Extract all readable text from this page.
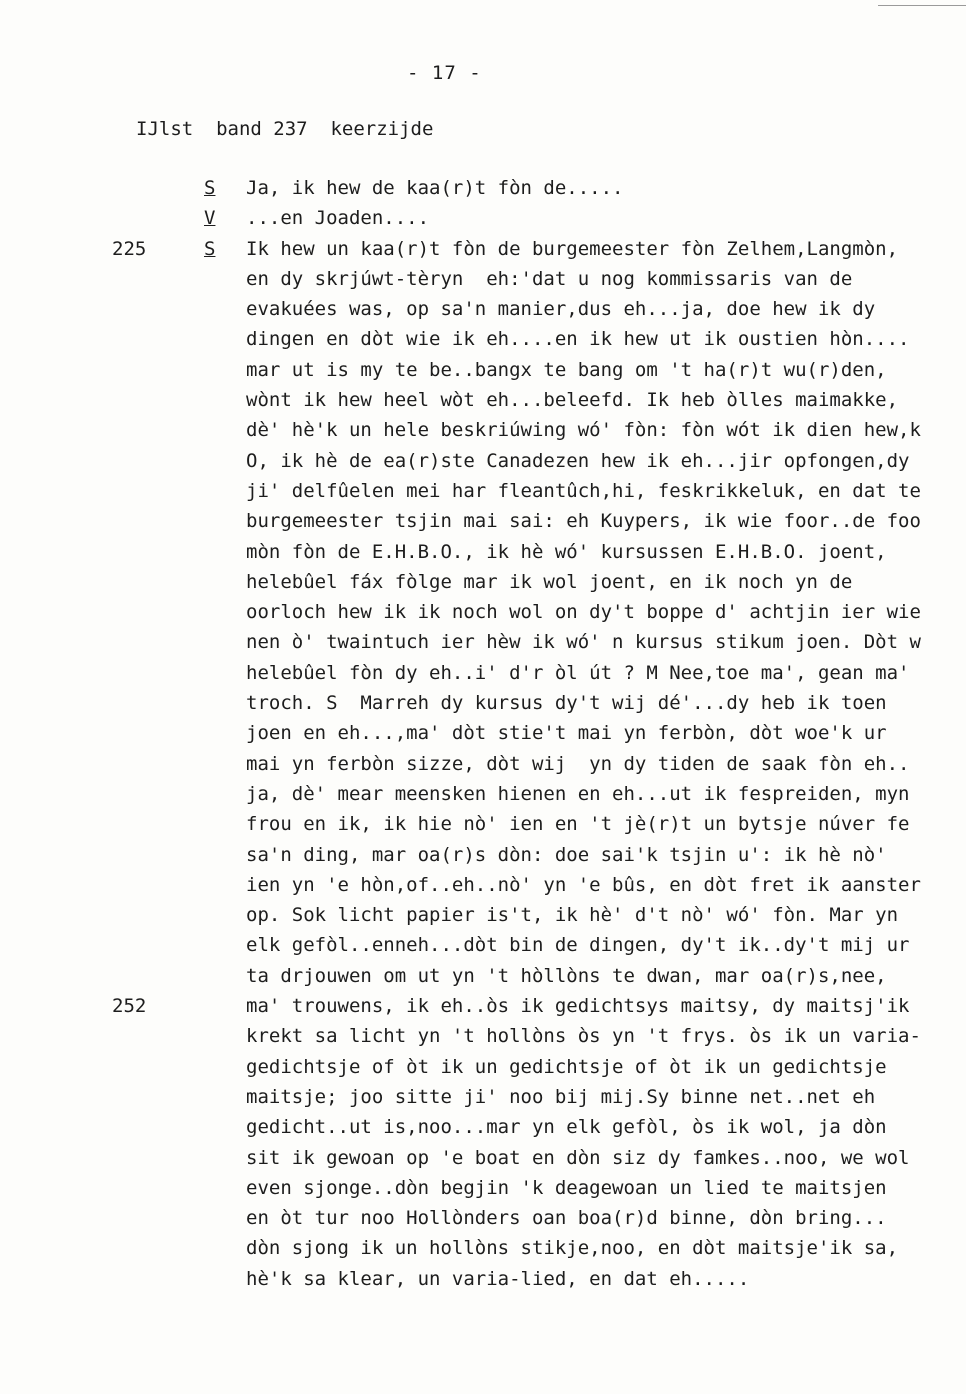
- 17 -
IJlst  band 237  keerzijde
S Ja, ik hew de kaa(r)t fòn de.....
V ...en Joaden....
225	S Ik hew un kaa(r)t fòn de burgemeester fòn Zelhem,Langmòn,
en dy skrjúwt-tèryn  eh:'dat u nog kommissaris van de
evakuées was, op sa'n manier,dus eh...ja, doe hew ik dy
dingen en dòt wie ik eh....en ik hew ut ik oustien hòn....
mar ut is my te be..bangx te bang om 't ha(r)t wu(r)den,
wònt ik hew heel wòt eh...beleefd. Ik heb òlles maimakke,
dè' hè'k un hele beskriúwing wó' fòn: fòn wót ik dien hew,k
O, ik hè de ea(r)ste Canadezen hew ik eh...jir opfongen,dy
ji' delfûelen mei har fleantûch,hi, feskrikkeluk, en dat te
burgemeester tsjin mai sai: eh Kuypers, ik wie foor..de foo
mòn fòn de E.H.B.O., ik hè wó' kursussen E.H.B.O. joent,
helebûel fáx fòlge mar ik wol joent, en ik noch yn de
oorloch hew ik ik noch wol on dy't boppe d' achtjin ier wie
nen ò' twaintuch ier hèw ik wó' n kursus stikum joen. Dòt w
helebûel fòn dy eh..i' d'r òl út ? M Nee,toe ma', gean ma'
troch. S  Marreh dy kursus dy't wij dé'...dy heb ik toen
joen en eh...,ma' dòt stie't mai yn ferbòn, dòt woe'k ur
mai yn ferbòn sizze, dòt wij  yn dy tiden de saak fòn eh..
ja, dè' mear meensken hienen en eh...ut ik fespreiden, myn
frou en ik, ik hie nò' ien en 't jè(r)t un bytsje núver fe
sa'n ding, mar oa(r)s dòn: doe sai'k tsjin u': ik hè nò'
ien yn 'e hòn,of..eh..nò' yn 'e bûs, en dòt fret ik aanster
op. Sok licht papier is't, ik hè' d't nò' wó' fòn. Mar yn
elk gefòl..enneh...dòt bin de dingen, dy't ik..dy't mij ur
ta drjouwen om ut yn 't hòllòns te dwan, mar oa(r)s,nee,
252	ma' trouwens, ik eh..òs ik gedichtsys maitsy, dy maitsj'ik
krekt sa licht yn 't hollòns òs yn 't frys. òs ik un varia-
gedichtsje of òt ik un gedichtsje of òt ik un gedichtsje
maitsje; joo sitte ji' noo bij mij.Sy binne net..net eh
gedicht..ut is,noo...mar yn elk gefòl, òs ik wol, ja dòn
sit ik gewoan op 'e boat en dòn siz dy famkes..noo, we wol
even sjonge..dòn begjin 'k deagewoan un lied te maitsjen
en òt tur noo Hollònders oan boa(r)d binne, dòn bring...
dòn sjong ik un hollòns stikje,noo, en dòt maitsje'ik sa,
hè'k sa klear, un varia-lied, en dat eh.....
